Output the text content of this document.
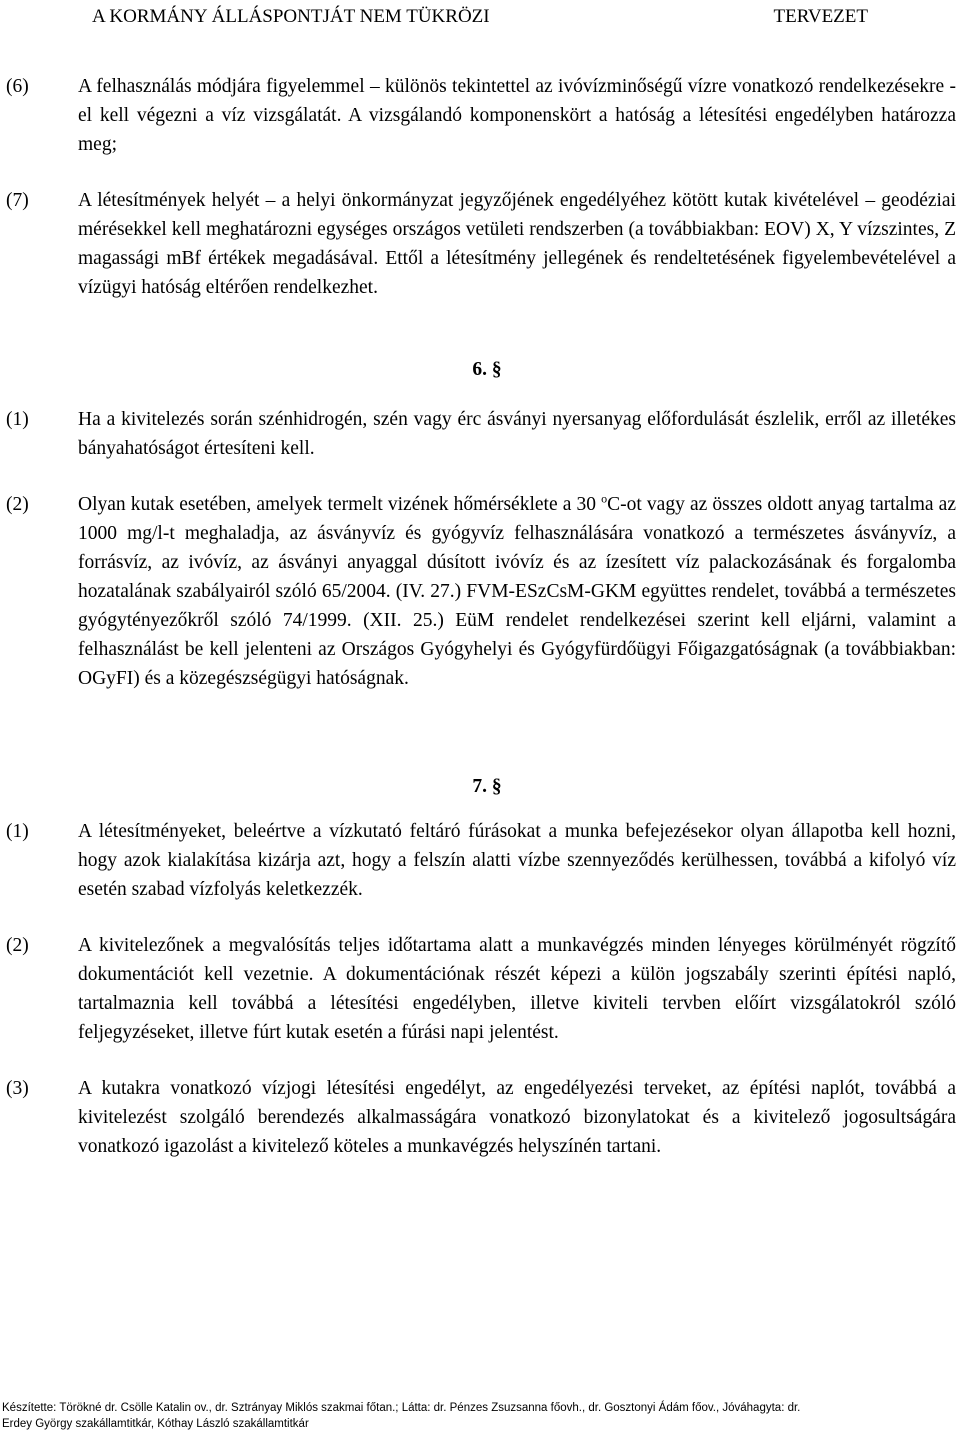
A KORMÁNY ÁLLÁSPONTJÁT NEM TÜKRÖZI	TERVEZET
(6)	A felhasználás módjára figyelemmel – különös tekintettel az ivóvízminőségű vízre vonatkozó rendelkezésekre - el kell végezni a víz vizsgálatát. A vizsgálandó komponenskört a hatóság a létesítési engedélyben határozza meg;
(7)	A létesítmények helyét – a helyi önkormányzat jegyzőjének engedélyéhez kötött kutak kivételével – geodéziai mérésekkel kell meghatározni egységes országos vetületi rendszerben (a továbbiakban: EOV) X, Y vízszintes, Z magassági mBf értékek megadásával. Ettől a létesítmény jellegének és rendeltetésének figyelembevételével a vízügyi hatóság eltérően rendelkezhet.
6. §
(1)	Ha a kivitelezés során szénhidrogén, szén vagy érc ásványi nyersanyag előfordulását észlelik, erről az illetékes bányahatóságot értesíteni kell.
(2)	Olyan kutak esetében, amelyek termelt vizének hőmérséklete a 30 $^o$C-ot vagy az összes oldott anyag tartalma az 1000 mg/l-t meghaladja, az ásványvíz és gyógyvíz felhasználására vonatkozó a természetes ásványvíz, a forrásvíz, az ivóvíz, az ásványi anyaggal dúsított ivóvíz és az ízesített víz palackozásának és forgalomba hozatalának szabályairól szóló 65/2004. (IV. 27.) FVM-ESzCsM-GKM együttes rendelet, továbbá a természetes gyógytényezőkről szóló 74/1999. (XII. 25.) EüM rendelet rendelkezései szerint kell eljárni, valamint a felhasználást be kell jelenteni az Országos Gyógyhelyi és Gyógyfürdőügyi Főigazgatóságnak (a továbbiakban: OGyFI) és a közegészségügyi hatóságnak.
7. §
(1)	A létesítményeket, beleértve a vízkutató feltáró fúrásokat a munka befejezésekor olyan állapotba kell hozni, hogy azok kialakítása kizárja azt, hogy a felszín alatti vízbe szennyeződés kerülhessen, továbbá a kifolyó víz esetén szabad vízfolyás keletkezzék.
(2)	A kivitelezőnek a megvalósítás teljes időtartama alatt a munkavégzés minden lényeges körülményét rögzítő dokumentációt kell vezetnie. A dokumentációnak részét képezi a külön jogszabály szerinti építési napló, tartalmaznia kell továbbá a létesítési engedélyben, illetve kiviteli tervben előírt vizsgálatokról szóló feljegyzéseket, illetve fúrt kutak esetén a fúrási napi jelentést.
(3)	A kutakra vonatkozó vízjogi létesítési engedélyt, az engedélyezési terveket, az építési naplót, továbbá a kivitelezést szolgáló berendezés alkalmasságára vonatkozó bizonylatokat és a kivitelező jogosultságára vonatkozó igazolást a kivitelező köteles a munkavégzés helyszínén tartani.
Készítette: Törökné dr. Csölle Katalin ov., dr. Sztrányay Miklós szakmai főtan.; Látta: dr. Pénzes Zsuzsanna főovh., dr. Gosztonyi Ádám főov., Jóváhagyta: dr.
Erdey György szakállamtitkár, Kóthay László szakállamtitkár
